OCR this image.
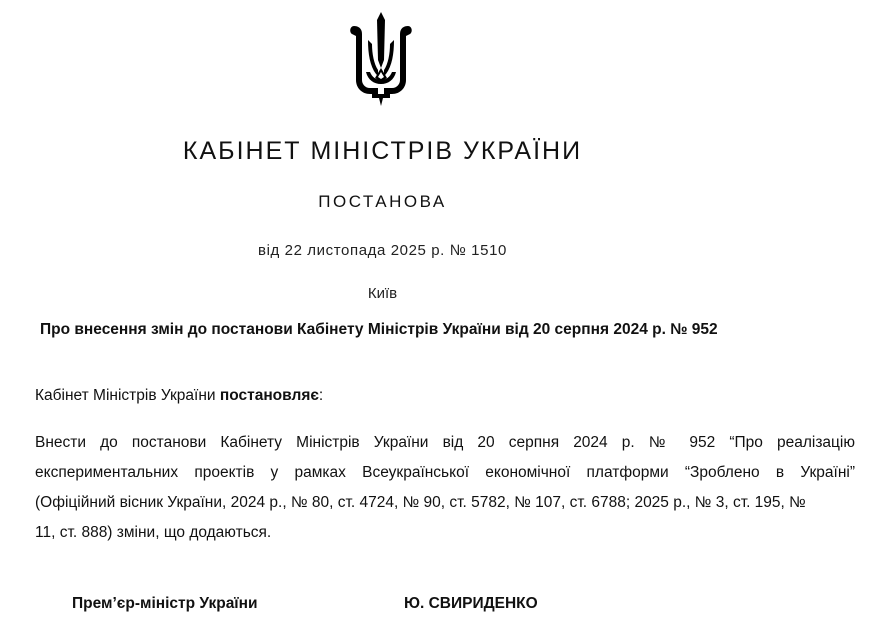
КАБІНЕТ МІНІСТРІВ УКРАЇНИ
ПОСТАНОВА
від 22 листопада 2025 р. № 1510
Київ
Про внесення змін до постанови Кабінету Міністрів України від 20 серпня 2024 р. № 952
Кабінет Міністрів України постановляє:
Внести до постанови Кабінету Міністрів України від 20 серпня 2024 р. № 952 “Про реалізацію
експериментальних проектів у рамках Всеукраїнської економічної платформи “Зроблено в Україні”
(Офіційний вісник України, 2024 р., № 80, ст. 4724, № 90, ст. 5782, № 107, ст. 6788; 2025 р., № 3, ст. 195, №
11, ст. 888) зміни, що додаються.
Прем’єр-міністр України	Ю. СВИРИДЕНКО
